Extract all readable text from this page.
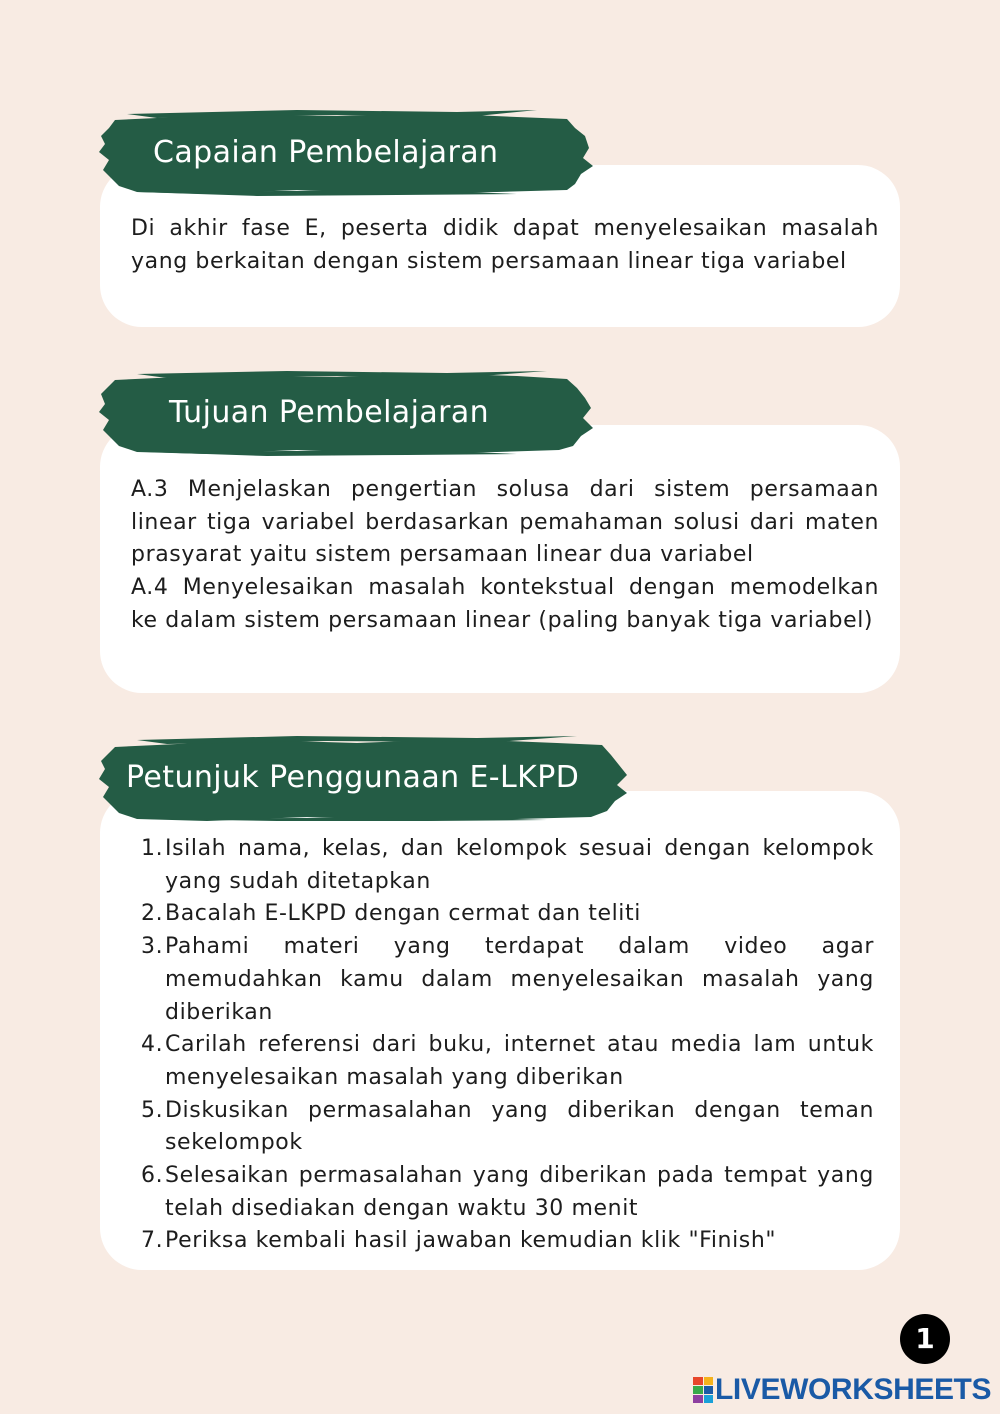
Di akhir fase E, peserta didik dapat menyelesaikan masalah yang berkaitan dengan sistem persamaan linear tiga variabel

Capaian Pembelajaran

A.3 Menjelaskan pengertian solusa dari sistem persamaan linear tiga variabel berdasarkan pemahaman solusi dari maten prasyarat yaitu sistem persamaan linear dua variabel

A.4 Menyelesaikan masalah kontekstual dengan memodelkan ke dalam sistem persamaan linear (paling banyak tiga variabel)

Tujuan Pembelajaran
1. Isilah nama, kelas, dan kelompok sesuai dengan kelompok yang sudah ditetapkan
2. Bacalah E-LKPD dengan cermat dan teliti
3. Pahami materi yang terdapat dalam video agar memudahkan kamu dalam menyelesaikan masalah yang diberikan
4. Carilah referensi dari buku, internet atau media lam untuk menyelesaikan masalah yang diberikan
5. Diskusikan permasalahan yang diberikan dengan teman sekelompok
6. Selesaikan permasalahan yang diberikan pada tempat yang telah disediakan dengan waktu 30 menit
7. Periksa kembali hasil jawaban kemudian klik "Finish"
Petunjuk Penggunaan E-LKPD
1
LIVEWORKSHEETS
